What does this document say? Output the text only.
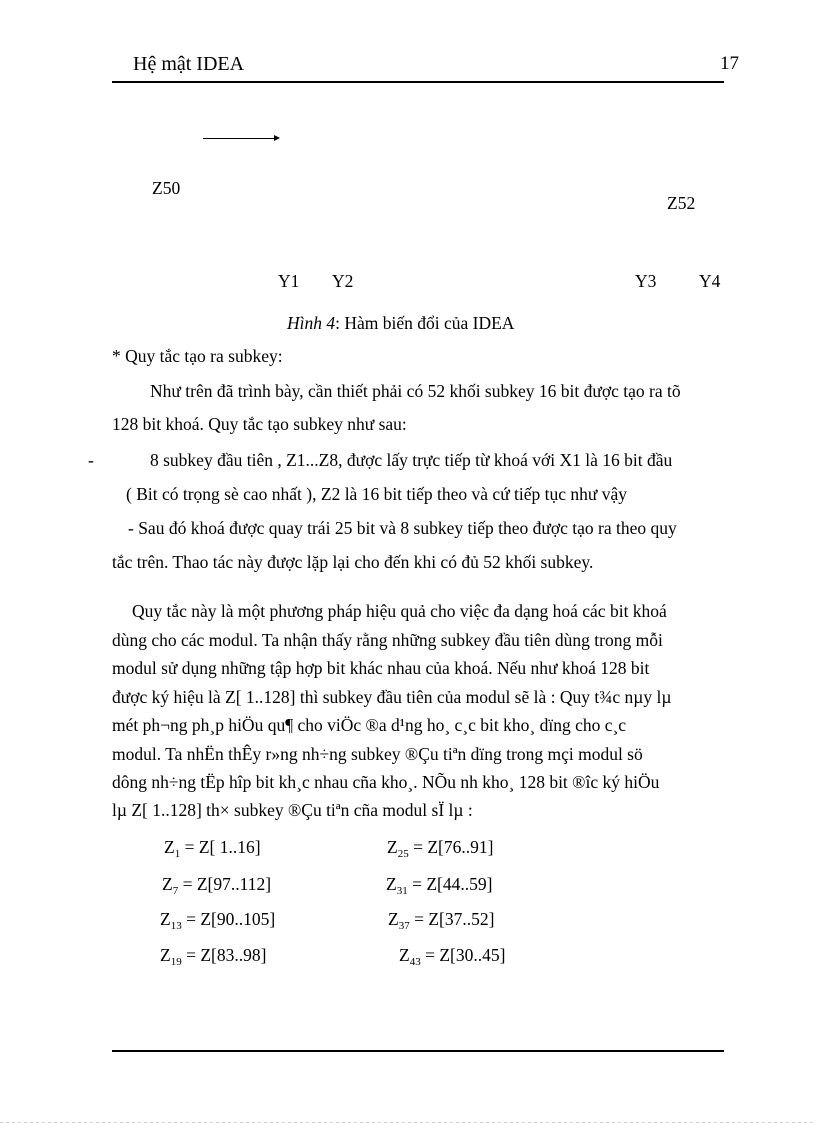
Hệ mật IDEA	17
Z50
Z52
Y1 Y2	Y3 Y4
Hình 4: Hàm biến đổi của IDEA
* Quy tắc tạo ra subkey:
Như trên đã trình bày, cần thiết phải có 52 khối subkey 16 bit được tạo ra tõ
128 bit khoá. Quy tắc tạo subkey như sau:
-	8 subkey đầu tiên , Z1...Z8, được lấy trực tiếp từ khoá với X1 là 16 bit đầu
( Bit có trọng sè cao nhất ), Z2 là 16 bit tiếp theo và cứ tiếp tục như vậy
- Sau đó khoá được quay trái 25 bit và 8 subkey tiếp theo được tạo ra theo quy
tắc trên. Thao tác này được lặp lại cho đến khi có đủ 52 khối subkey.
Quy tắc này là một phương pháp hiệu quả cho việc đa dạng hoá các bit khoá
dùng cho các modul. Ta nhận thấy rằng những subkey đầu tiên dùng trong mỗi
modul sử dụng những tập hợp bit khác nhau của khoá. Nếu như khoá 128 bit
được ký hiệu là Z[ 1..128] thì subkey đầu tiên của modul sẽ là : Quy t¾c nµy lµ
mét ph¬ng ph¸p hiÖu qu¶ cho viÖc ®a d¹ng ho¸ c¸c bit kho¸ dïng cho c¸c
modul. Ta nhËn thÊy r»ng nh÷ng subkey ®Çu tiªn dïng trong mçi modul sö
dông nh÷ng tËp hîp bit kh¸c nhau cña kho¸. NÕu nh kho¸ 128 bit ®îc ký hiÖu
lµ Z[ 1..128] th× subkey ®Çu tiªn cña modul sÏ lµ :
$Z_1 = Z$[ 1..16]	$Z_{25} = Z[76..91]$
$Z_7 = Z[97..112]$	$Z_{31} = Z[44..59]$
$Z_{13} = Z[90..105]$	$Z_{37} = Z[37..52]$
$Z_{19} = Z[83..98]$	$Z_{43} = Z[30..45]$
